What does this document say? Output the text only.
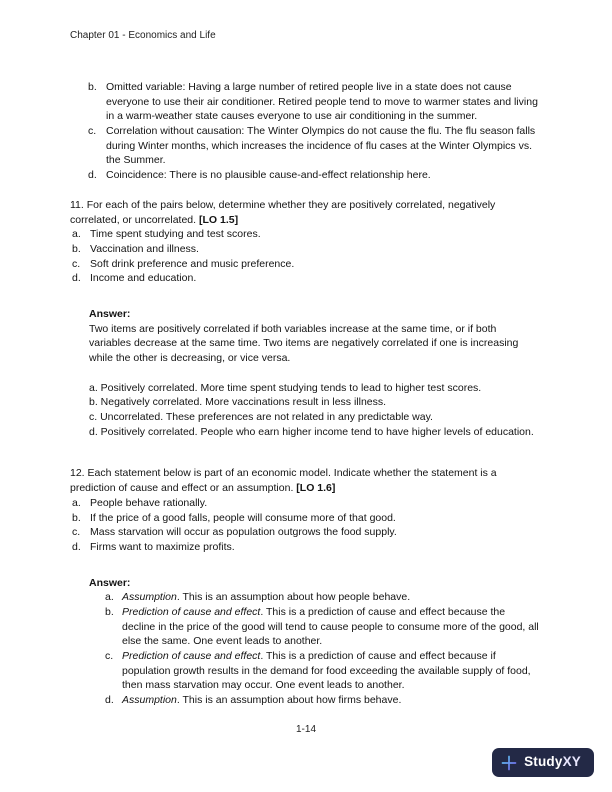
Chapter 01 - Economics and Life
b. Omitted variable: Having a large number of retired people live in a state does not cause everyone to use their air conditioner. Retired people tend to move to warmer states and living in a warm-weather state causes everyone to use air conditioning in the summer.
c. Correlation without causation: The Winter Olympics do not cause the flu. The flu season falls during Winter months, which increases the incidence of flu cases at the Winter Olympics vs. the Summer.
d. Coincidence: There is no plausible cause-and-effect relationship here.

11. For each of the pairs below, determine whether they are positively correlated, negatively correlated, or uncorrelated. [LO 1.5]

a. Time spent studying and test scores.
b. Vaccination and illness.
c. Soft drink preference and music preference.
d. Income and education.

Answer:

Two items are positively correlated if both variables increase at the same time, or if both variables decrease at the same time. Two items are negatively correlated if one is increasing while the other is decreasing, or vice versa.

a. Positively correlated. More time spent studying tends to lead to higher test scores.

b. Negatively correlated. More vaccinations result in less illness.

c. Uncorrelated. These preferences are not related in any predictable way.

d. Positively correlated. People who earn higher income tend to have higher levels of education.

12. Each statement below is part of an economic model. Indicate whether the statement is a prediction of cause and effect or an assumption. [LO 1.6]

a. People behave rationally.
b. If the price of a good falls, people will consume more of that good.
c. Mass starvation will occur as population outgrows the food supply.
d. Firms want to maximize profits.

Answer:

a. Assumption. This is an assumption about how people behave.
b. Prediction of cause and effect. This is a prediction of cause and effect because the decline in the price of the good will tend to cause people to consume more of the good, all else the same. One event leads to another.
c. Prediction of cause and effect. This is a prediction of cause and effect because if population growth results in the demand for food exceeding the available supply of food, then mass starvation may occur. One event leads to another.
d. Assumption. This is an assumption about how firms behave.
1-14
StudyXY
